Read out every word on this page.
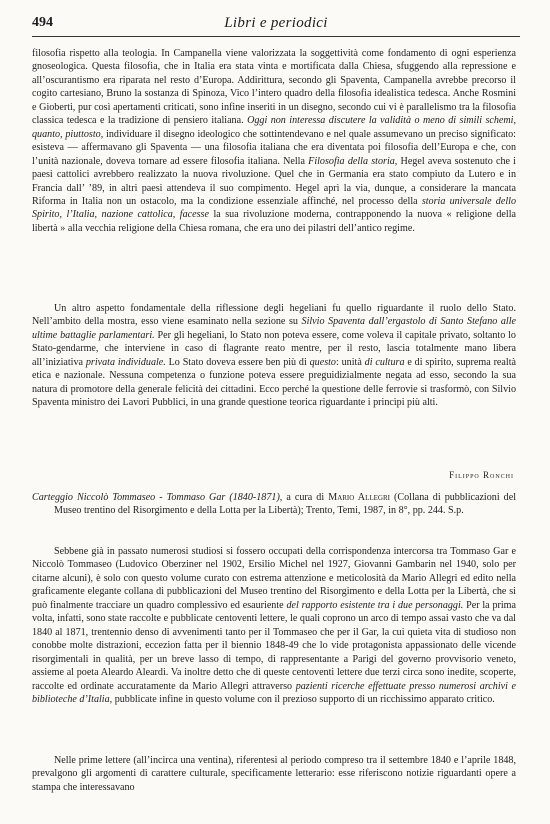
494	Libri e periodici

filosofia rispetto alla teologia. In Campanella viene valorizzata la soggettività come fondamento di ogni esperienza gnoseologica. Questa filosofia, che in Italia era stata vinta e mortificata dalla Chiesa, sfuggendo alla repressione e all’oscurantismo era riparata nel resto d’Europa. Addirittura, secondo gli Spaventa, Campanella avrebbe precorso il cogito cartesiano, Bruno la sostanza di Spinoza, Vico l’intero quadro della filosofia idealistica tedesca. Anche Rosmini e Gioberti, pur così apertamenti criticati, sono infine inseriti in un disegno, secondo cui vi è parallelismo tra la filosofia classica tedesca e la tradizione di pensiero italiana. Oggi non interessa discutere la validità o meno di simili schemi, quanto, piuttosto, individuare il disegno ideologico che sottintendevano e nel quale assumevano un preciso significato: esisteva — affermavano gli Spaventa — una filosofia italiana che era diventata poi filosofia dell’Europa e che, con l’unità nazionale, doveva tornare ad essere filosofia italiana. Nella Filosofia della storia, Hegel aveva sostenuto che i paesi cattolici avrebbero realizzato la nuova rivoluzione. Quel che in Germania era stato compiuto da Lutero e in Francia dall’ ’89, in altri paesi attendeva il suo compimento. Hegel aprì la via, dunque, a considerare la mancata Riforma in Italia non un ostacolo, ma la condizione essenziale affinché, nel processo della storia universale dello Spirito, l’Italia, nazione cattolica, facesse la sua rivoluzione moderna, contrapponendo la nuova « religione della libertà » alla vecchia religione della Chiesa romana, che era uno dei pilastri dell’antico regime.

Un altro aspetto fondamentale della riflessione degli hegeliani fu quello riguardante il ruolo dello Stato. Nell’ambito della mostra, esso viene esaminato nella sezione su Silvio Spaventa dall’ergastolo di Santo Stefano alle ultime battaglie parlamentari. Per gli hegeliani, lo Stato non poteva essere, come voleva il capitale privato, soltanto lo Stato-gendarme, che interviene in caso di flagrante reato mentre, per il resto, lascia totalmente mano libera all’iniziativa privata individuale. Lo Stato doveva essere ben più di questo: unità di cultura e di spirito, suprema realtà etica e nazionale. Nessuna competenza o funzione poteva essere preguidizialmente negata ad esso, secondo la sua natura di promotore della generale felicità dei cittadini. Ecco perché la questione delle ferrovie si trasformò, con Silvio Spaventa ministro dei Lavori Pubblici, in una grande questione teorica riguardante i princìpi più alti.

Filippo Ronchi

Carteggio Niccolò Tommaseo - Tommaso Gar (1840-1871), a cura di Mario Allegri (Collana di pubblicazioni del Museo trentino del Risorgimento e della Lotta per la Libertà); Trento, Temi, 1987, in 8°, pp. 244. S.p.

Sebbene già in passato numerosi studiosi si fossero occupati della corrispondenza intercorsa tra Tommaso Gar e Niccolò Tommaseo (Ludovico Oberziner nel 1902, Ersilio Michel nel 1927, Giovanni Gambarin nel 1940, solo per citarne alcuni), è solo con questo volume curato con estrema attenzione e meticolosità da Mario Allegri ed edito nella graficamente elegante collana di pubblicazioni del Museo trentino del Risorgimento e della Lotta per la Libertà, che si può finalmente tracciare un quadro complessivo ed esauriente del rapporto esistente tra i due personaggi. Per la prima volta, infatti, sono state raccolte e pubblicate centoventi lettere, le quali coprono un arco di tempo assai vasto che va dal 1840 al 1871, trentennio denso di avvenimenti tanto per il Tommaseo che per il Gar, la cui quieta vita di studioso non conobbe molte distrazioni, eccezion fatta per il biennio 1848-49 che lo vide protagonista appassionato delle vicende risorgimentali in qualità, per un breve lasso di tempo, di rappresentante a Parigi del governo provvisorio veneto, assieme al poeta Aleardo Aleardi. Va inoltre detto che di queste centoventi lettere due terzi circa sono inedite, scoperte, raccolte ed ordinate accuratamente da Mario Allegri attraverso pazienti ricerche effettuate presso numerosi archivi e biblioteche d’Italia, pubblicate infine in questo volume con il prezioso supporto di un ricchissimo apparato critico.

Nelle prime lettere (all’incirca una ventina), riferentesi al periodo compreso tra il settembre 1840 e l’aprile 1848, prevalgono gli argomenti di carattere culturale, specificamente letterario: esse riferiscono notizie riguardanti opere a stampa che interessavano
